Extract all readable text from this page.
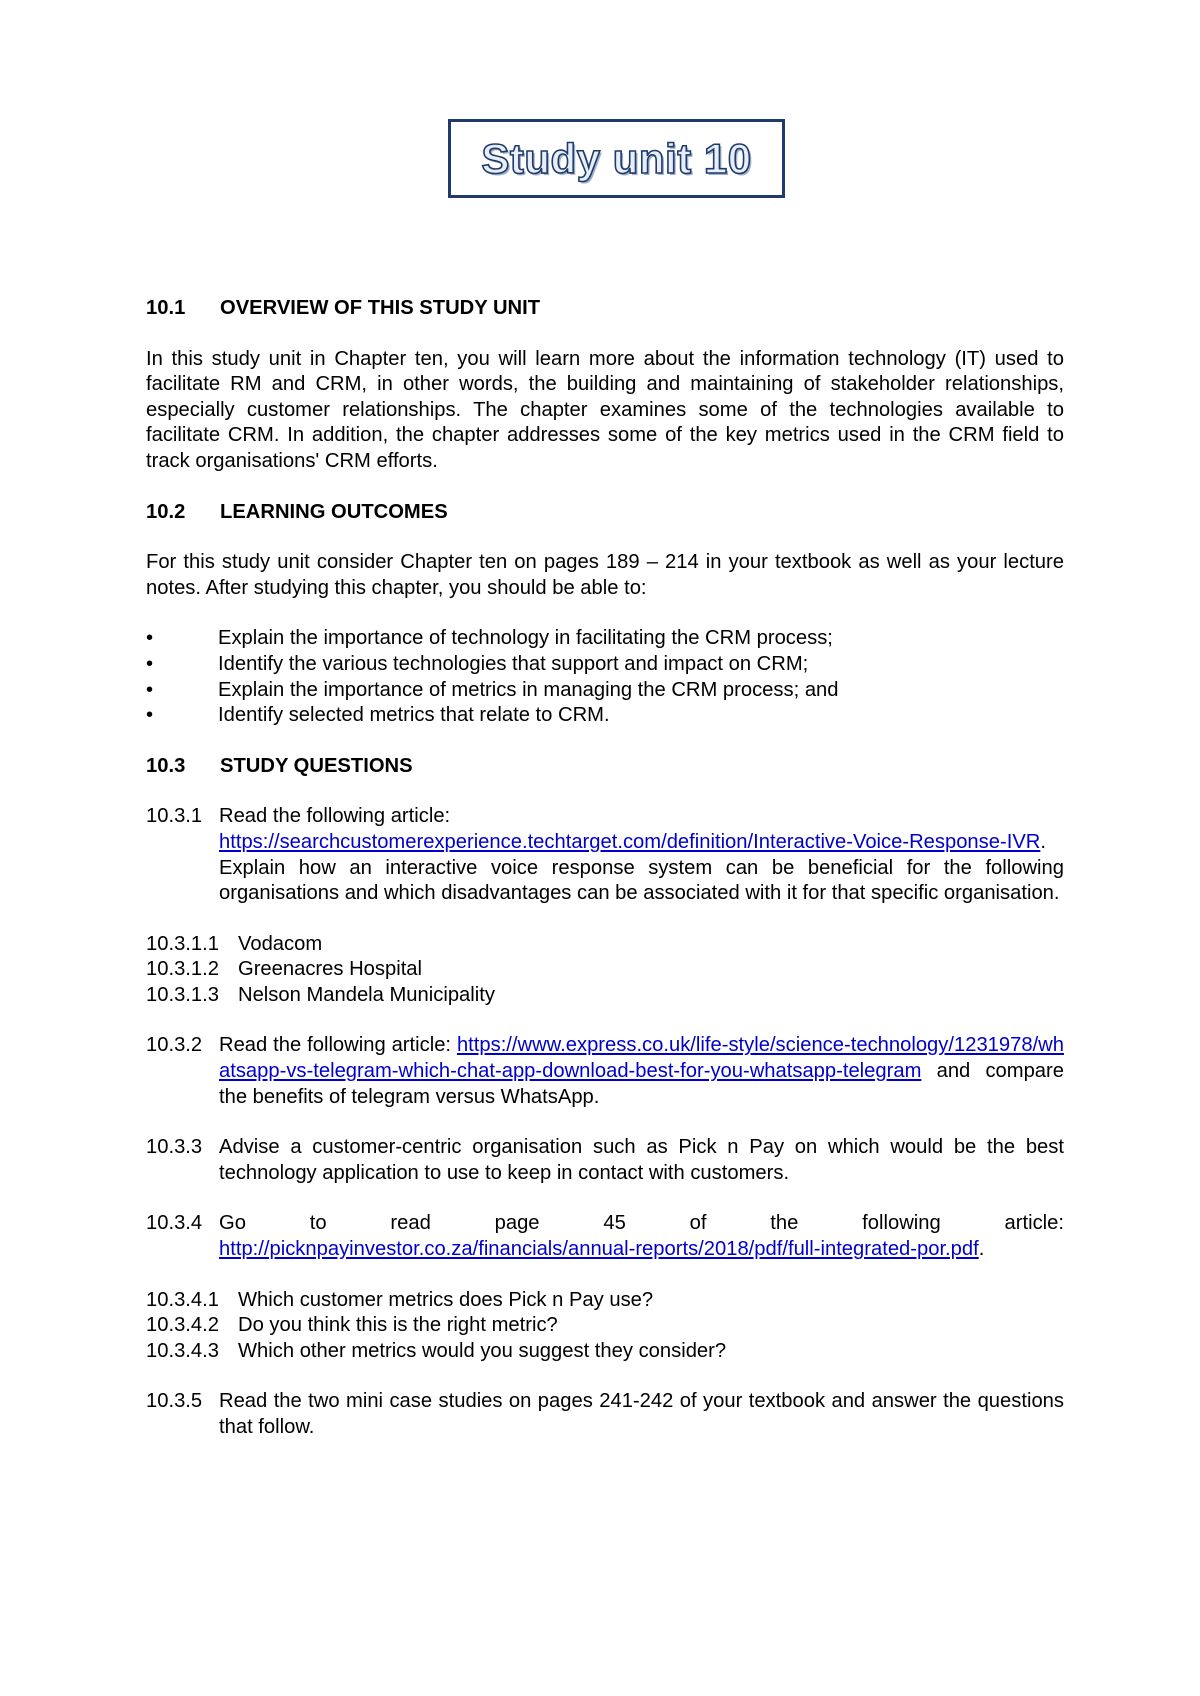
Study unit 10
10.1	OVERVIEW OF THIS STUDY UNIT

In this study unit in Chapter ten, you will learn more about the information technology (IT) used to facilitate RM and CRM, in other words, the building and maintaining of stakeholder relationships, especially customer relationships. The chapter examines some of the technologies available to facilitate CRM. In addition, the chapter addresses some of the key metrics used in the CRM field to track organisations' CRM efforts.

10.2	LEARNING OUTCOMES

For this study unit consider Chapter ten on pages 189 – 214 in your textbook as well as your lecture notes. After studying this chapter, you should be able to:

•	Explain the importance of technology in facilitating the CRM process;
•	Identify the various technologies that support and impact on CRM;
•	Explain the importance of metrics in managing the CRM process; and
•	Identify selected metrics that relate to CRM.
10.3	STUDY QUESTIONS
10.3.1 Read the following article:
https://searchcustomerexperience.techtarget.com/definition/Interactive-Voice-Response-IVR. Explain how an interactive voice response system can be beneficial for the following organisations and which disadvantages can be associated with it for that specific organisation.
10.3.1.1 Vodacom
10.3.1.2 Greenacres Hospital
10.3.1.3 Nelson Mandela Municipality
10.3.2 Read the following article: https://www.express.co.uk/life-style/science-technology/1231978/whatsapp-vs-telegram-which-chat-app-download-best-for-you-whatsapp-telegram and compare the benefits of telegram versus WhatsApp.
10.3.3 Advise a customer-centric organisation such as Pick n Pay on which would be the best technology application to use to keep in contact with customers.
10.3.4 Go to read page 45 of the following article:
http://picknpayinvestor.co.za/financials/annual-reports/2018/pdf/full-integrated-por.pdf.
10.3.4.1 Which customer metrics does Pick n Pay use?
10.3.4.2 Do you think this is the right metric?
10.3.4.3 Which other metrics would you suggest they consider?
10.3.5 Read the two mini case studies on pages 241-242 of your textbook and answer the questions that follow.
